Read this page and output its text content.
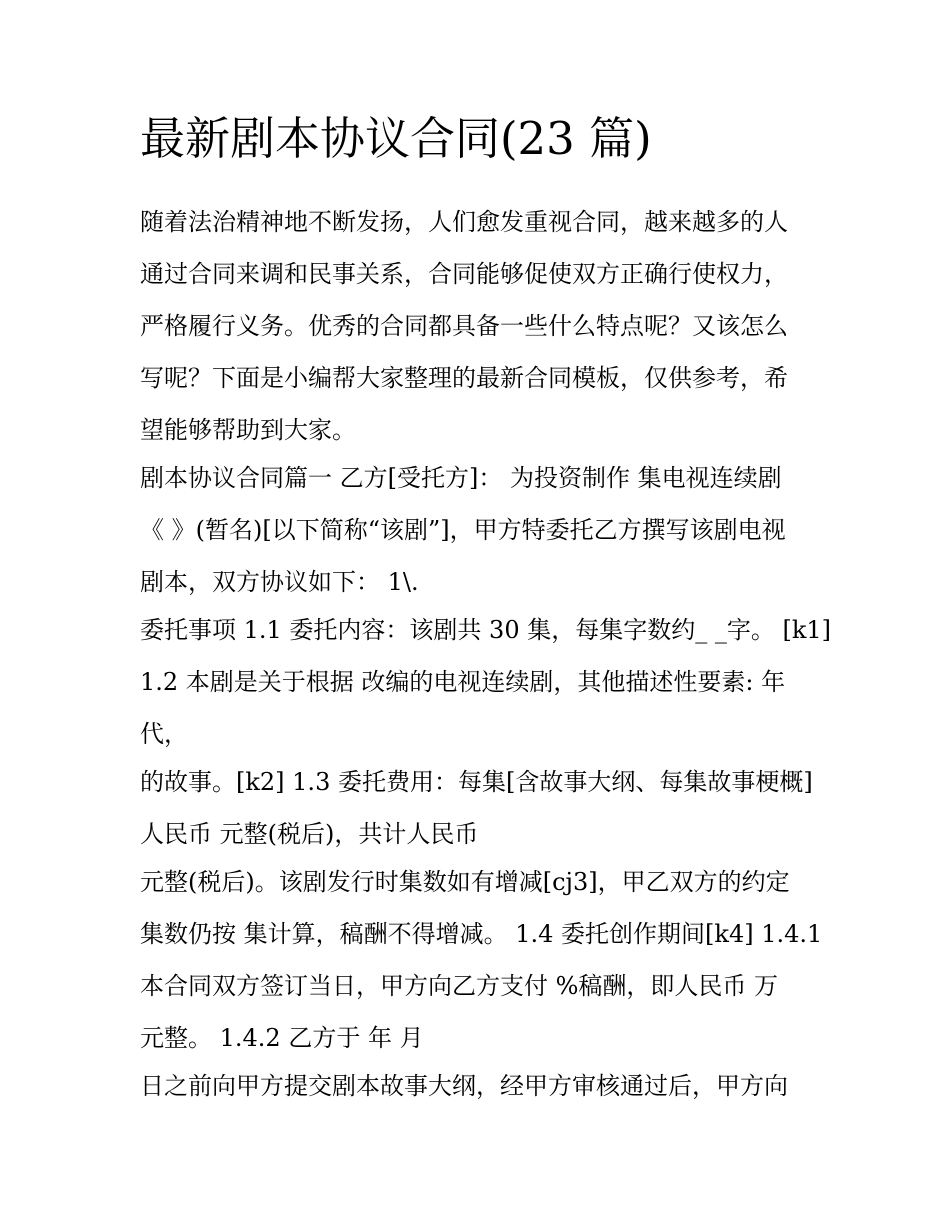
最新剧本协议合同(23 篇)

随着法治精神地不断发扬，人们愈发重视合同，越来越多的人

通过合同来调和民事关系，合同能够促使双方正确行使权力，

严格履行义务。优秀的合同都具备一些什么特点呢？又该怎么

写呢？下面是小编帮大家整理的最新合同模板，仅供参考，希

望能够帮助到大家。

剧本协议合同篇一 乙方[受托方]： 为投资制作 集电视连续剧

《 》(暂名)[以下简称“该剧”]，甲方特委托乙方撰写该剧电视

剧本，双方协议如下： 1\.

委托事项 1.1 委托内容：该剧共 30 集，每集字数约_ _字。 [k1]

1.2 本剧是关于根据 改编的电视连续剧，其他描述性要素: 年

代，

的故事。[k2] 1.3 委托费用：每集[含故事大纲、每集故事梗概]

人民币 元整(税后)，共计人民币

元整(税后)。该剧发行时集数如有增减[cj3]，甲乙双方的约定

集数仍按 集计算，稿酬不得增减。 1.4 委托创作期间[k4] 1.4.1

本合同双方签订当日，甲方向乙方支付 %稿酬，即人民币 万

元整。 1.4.2 乙方于 年 月

日之前向甲方提交剧本故事大纲，经甲方审核通过后，甲方向
